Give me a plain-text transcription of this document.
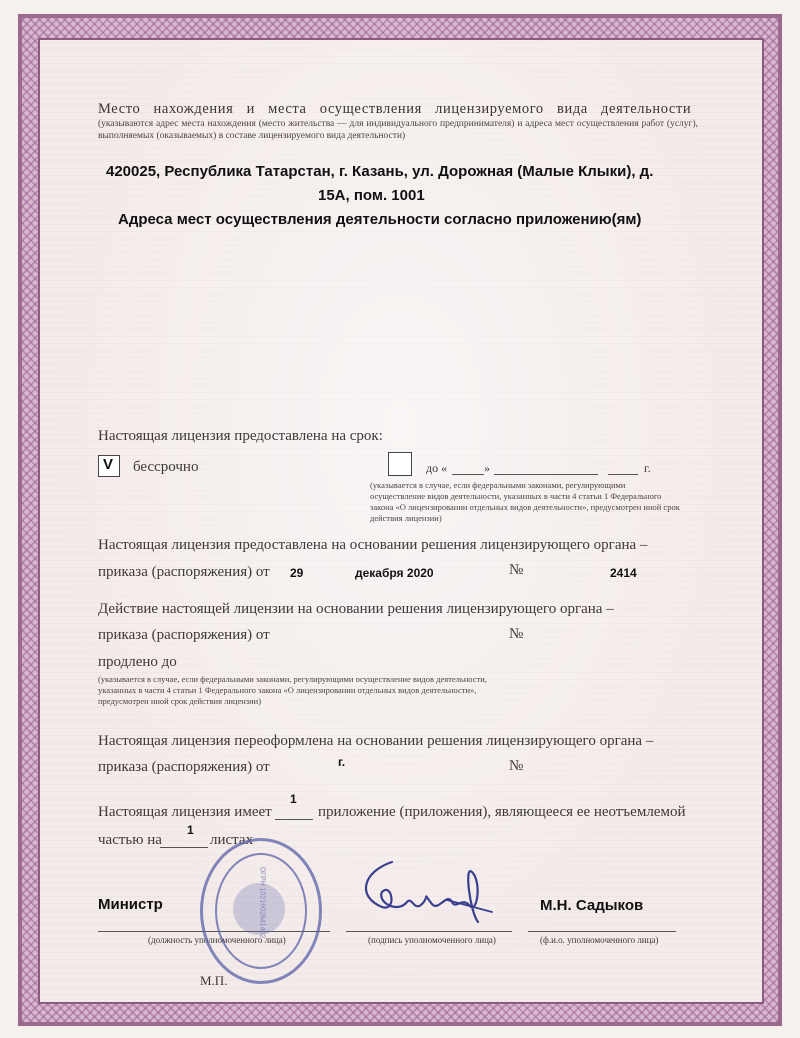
Место нахождения и места осуществления лицензируемого вида деятельности
(указываются адрес места нахождения (место жительства — для индивидуального предпринимателя) и адреса мест осуществления работ (услуг), выполняемых (оказываемых) в составе лицензируемого вида деятельности)
420025, Республика Татарстан, г. Казань, ул. Дорожная (Малые Клыки), д.
15А, пом. 1001
Адреса мест осуществления деятельности согласно приложению(ям)
Настоящая лицензия предоставлена на срок:
V бессрочно	до «	»	г.
(указывается в случае, если федеральными законами, регулирующими осуществление видов деятельности, указанных в части 4 статьи 1 Федерального закона «О лицензировании отдельных видов деятельности», предусмотрен иной срок действия лицензии)
Настоящая лицензия предоставлена на основании решения лицензирующего органа –
приказа (распоряжения) от 29	декабря 2020	№	2414
Действие настоящей лицензии на основании решения лицензирующего органа –
приказа (распоряжения) от	№
продлено до
(указывается в случае, если федеральными законами, регулирующими осуществление видов деятельности, указанных в части 4 статьи 1 Федерального закона «О лицензировании отдельных видов деятельности», предусмотрен иной срок действия лицензии)
Настоящая лицензия переоформлена на основании решения лицензирующего органа –
приказа (распоряжения) от	г.	№
Настоящая лицензия имеет
1
приложение (приложения), являющееся ее неотъемлемой
частью на
1
листах
Министр	М.Н. Садыков
(должность уполномоченного лица)	(подпись уполномоченного лица)	(ф.и.о. уполномоченного лица)
ОГРН 1021602841402
М.П.
